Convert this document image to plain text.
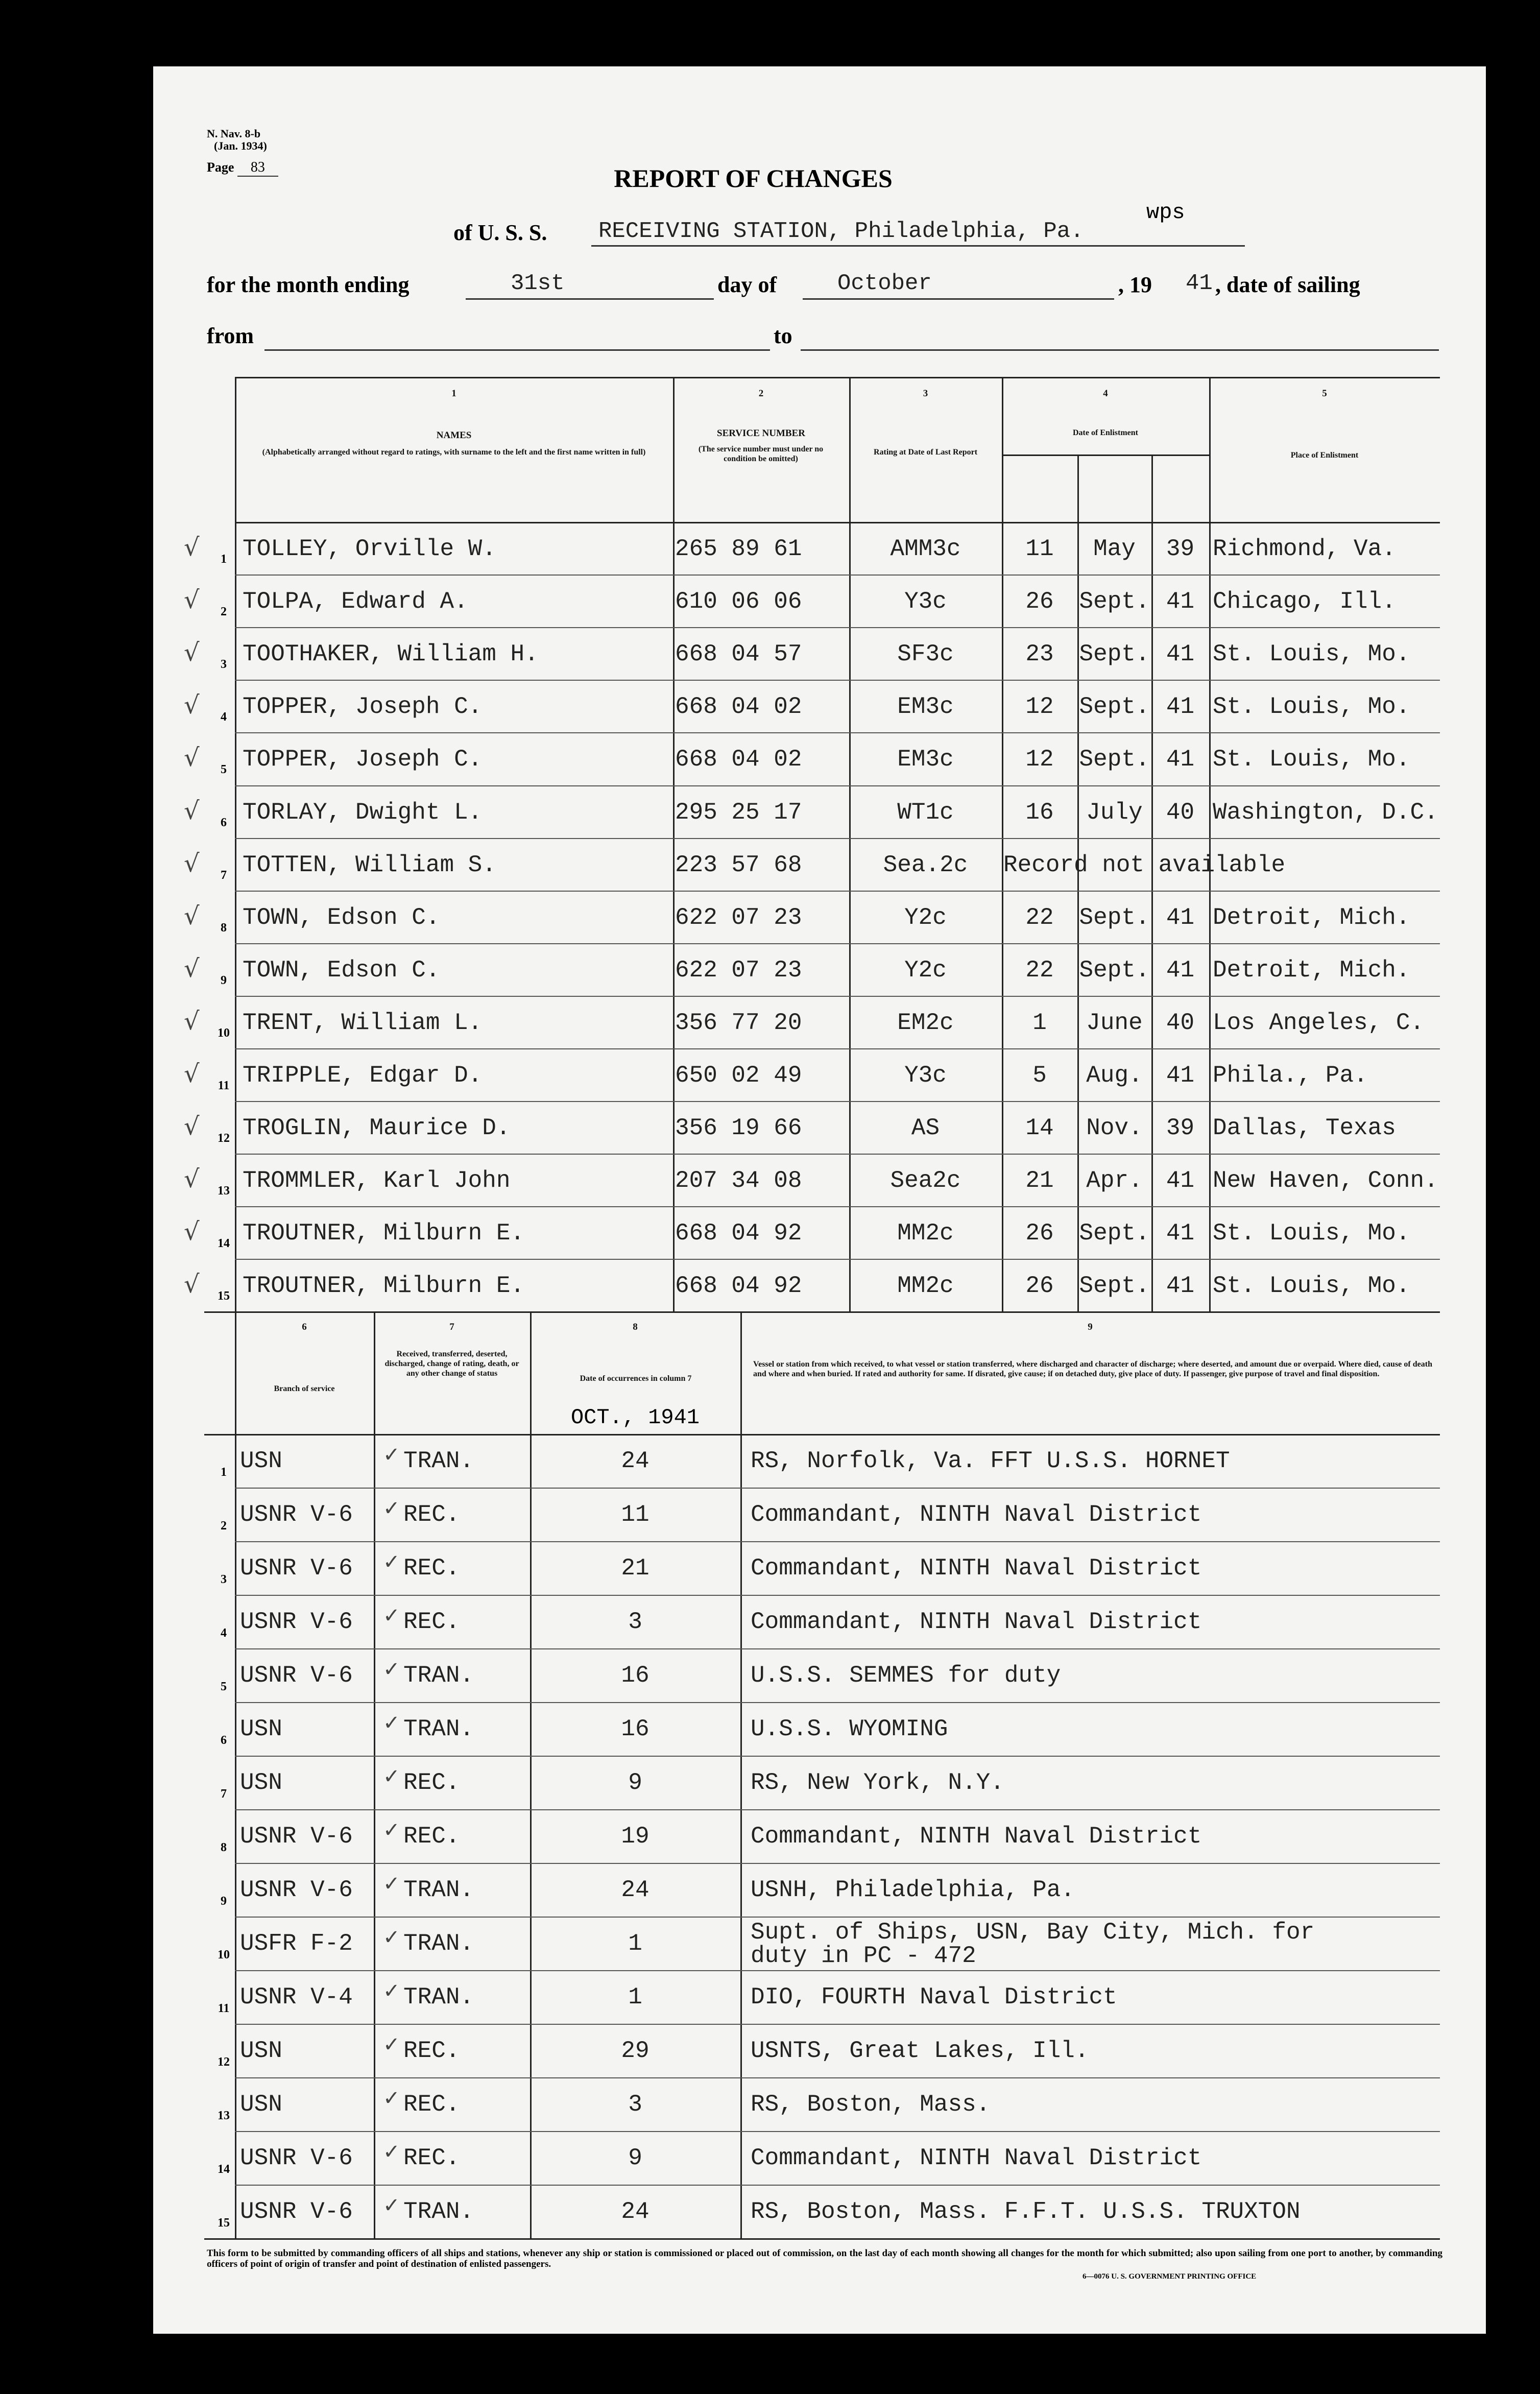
N. Nav. 8-b
(Jan. 1934)
Page 83	REPORT OF CHANGES
wps
of U. S. S. RECEIVING STATION, Philadelphia, Pa.
for the month ending	31st	day of	October	, 19 41 , date of sailing
from	to
1
NAMES
(Alphabetically arranged without regard to ratings, with surname to the left and the first name written in full)
2
SERVICE NUMBER
(The service number must under no condition be omitted)
3
Rating at Date of Last Report
4
Date of Enlistment
5
Place of Enlistment
1
√ TOLLEY, Orville W.	265 89 61	AMM3c	11	May	39 Richmond, Va.
2
√ TOLPA, Edward A.	610 06 06	Y3c	26	Sept. 41 Chicago, Ill.
3
√ TOOTHAKER, William H.	668 04 57	SF3c	23	Sept. 41 St. Louis, Mo.
4
√ TOPPER, Joseph C.	668 04 02	EM3c	12	Sept. 41 St. Louis, Mo.
5
√ TOPPER, Joseph C.	668 04 02	EM3c	12	Sept. 41 St. Louis, Mo.
6
√ TORLAY, Dwight L.	295 25 17	WT1c	16	July	40 Washington, D.C.
7
√ TOTTEN, William S.	223 57 68	Sea.2c	Record not available
8
√ TOWN, Edson C.	622 07 23	Y2c	22	Sept. 41 Detroit, Mich.
9
√ TOWN, Edson C.	622 07 23	Y2c	22	Sept. 41 Detroit, Mich.
10
√ TRENT, William L.	356 77 20	EM2c	1	June	40 Los Angeles, C.
11
√ TRIPPLE, Edgar D.	650 02 49	Y3c	5	Aug.	41 Phila., Pa.
12
√ TROGLIN, Maurice D.	356 19 66	AS	14	Nov.	39 Dallas, Texas
13
√ TROMMLER, Karl John	207 34 08	Sea2c	21	Apr.	41 New Haven, Conn.
14
√ TROUTNER, Milburn E.	668 04 92	MM2c	26	Sept. 41 St. Louis, Mo.
15
√ TROUTNER, Milburn E.	668 04 92	MM2c	26	Sept. 41 St. Louis, Mo.
6
Branch of service
7
Received, transferred, deserted, discharged, change of rating, death, or any other change of status
8
Date of occurrences in column 7
OCT., 1941
9
Vessel or station from which received, to what vessel or station transferred, where discharged and character of discharge; where deserted, and amount due or overpaid. Where died, cause of death and where and when buried. If rated and authority for same. If disrated, give cause; if on detached duty, give place of duty. If passenger, give purpose of travel and final disposition.
1 USN	✓ TRAN.	24	RS, Norfolk, Va. FFT U.S.S. HORNET
2 USNR V-6 ✓ REC.	11	Commandant, NINTH Naval District
3 USNR V-6 ✓ REC.	21	Commandant, NINTH Naval District
4 USNR V-6 ✓ REC.	3	Commandant, NINTH Naval District
5 USNR V-6 ✓ TRAN.	16	U.S.S. SEMMES for duty
6 USN	✓ TRAN.	16	U.S.S. WYOMING
7 USN	✓ REC.	9	RS, New York, N.Y.
8 USNR V-6 ✓ REC.	19	Commandant, NINTH Naval District
9 USNR V-6 ✓ TRAN.	24	USNH, Philadelphia, Pa.
10 USFR F-2 ✓ TRAN.	1	Supt. of Ships, USN, Bay City, Mich. for
duty in PC - 472
11 USNR V-4 ✓ TRAN.	1	DIO, FOURTH Naval District
12 USN	✓ REC.	29	USNTS, Great Lakes, Ill.
13 USN	✓ REC.	3	RS, Boston, Mass.
14 USNR V-6 ✓ REC.	9	Commandant, NINTH Naval District
15 USNR V-6 ✓ TRAN.	24	RS, Boston, Mass. F.F.T. U.S.S. TRUXTON
This form to be submitted by commanding officers of all ships and stations, whenever any ship or station is commissioned or placed out of commission, on the last day of each month showing all changes for the month for which submitted; also upon sailing from one port to another, by commanding officers of point of origin of transfer and point of destination of enlisted passengers.
6—0076 U. S. GOVERNMENT PRINTING OFFICE
